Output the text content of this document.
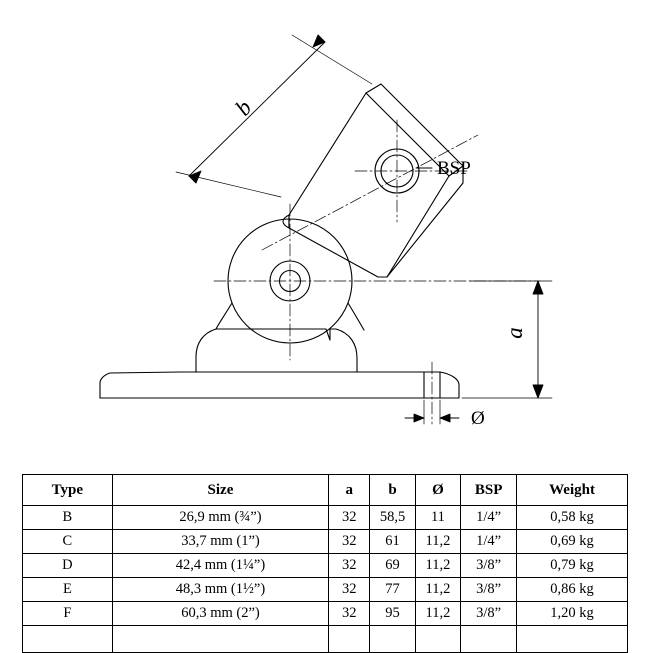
b
a
BSP
Ø
Type	Size	a	b	Ø	BSP	Weight
B	26,9 mm (¾”)	32	58,5	11	1/4”	0,58 kg
C	33,7 mm (1”)	32	61	11,2	1/4”	0,69 kg
D	42,4 mm (1¼”)	32	69	11,2	3/8”	0,79 kg
E	48,3 mm (1½”)	32	77	11,2	3/8”	0,86 kg
F	60,3 mm (2”)	32	95	11,2	3/8”	1,20 kg
